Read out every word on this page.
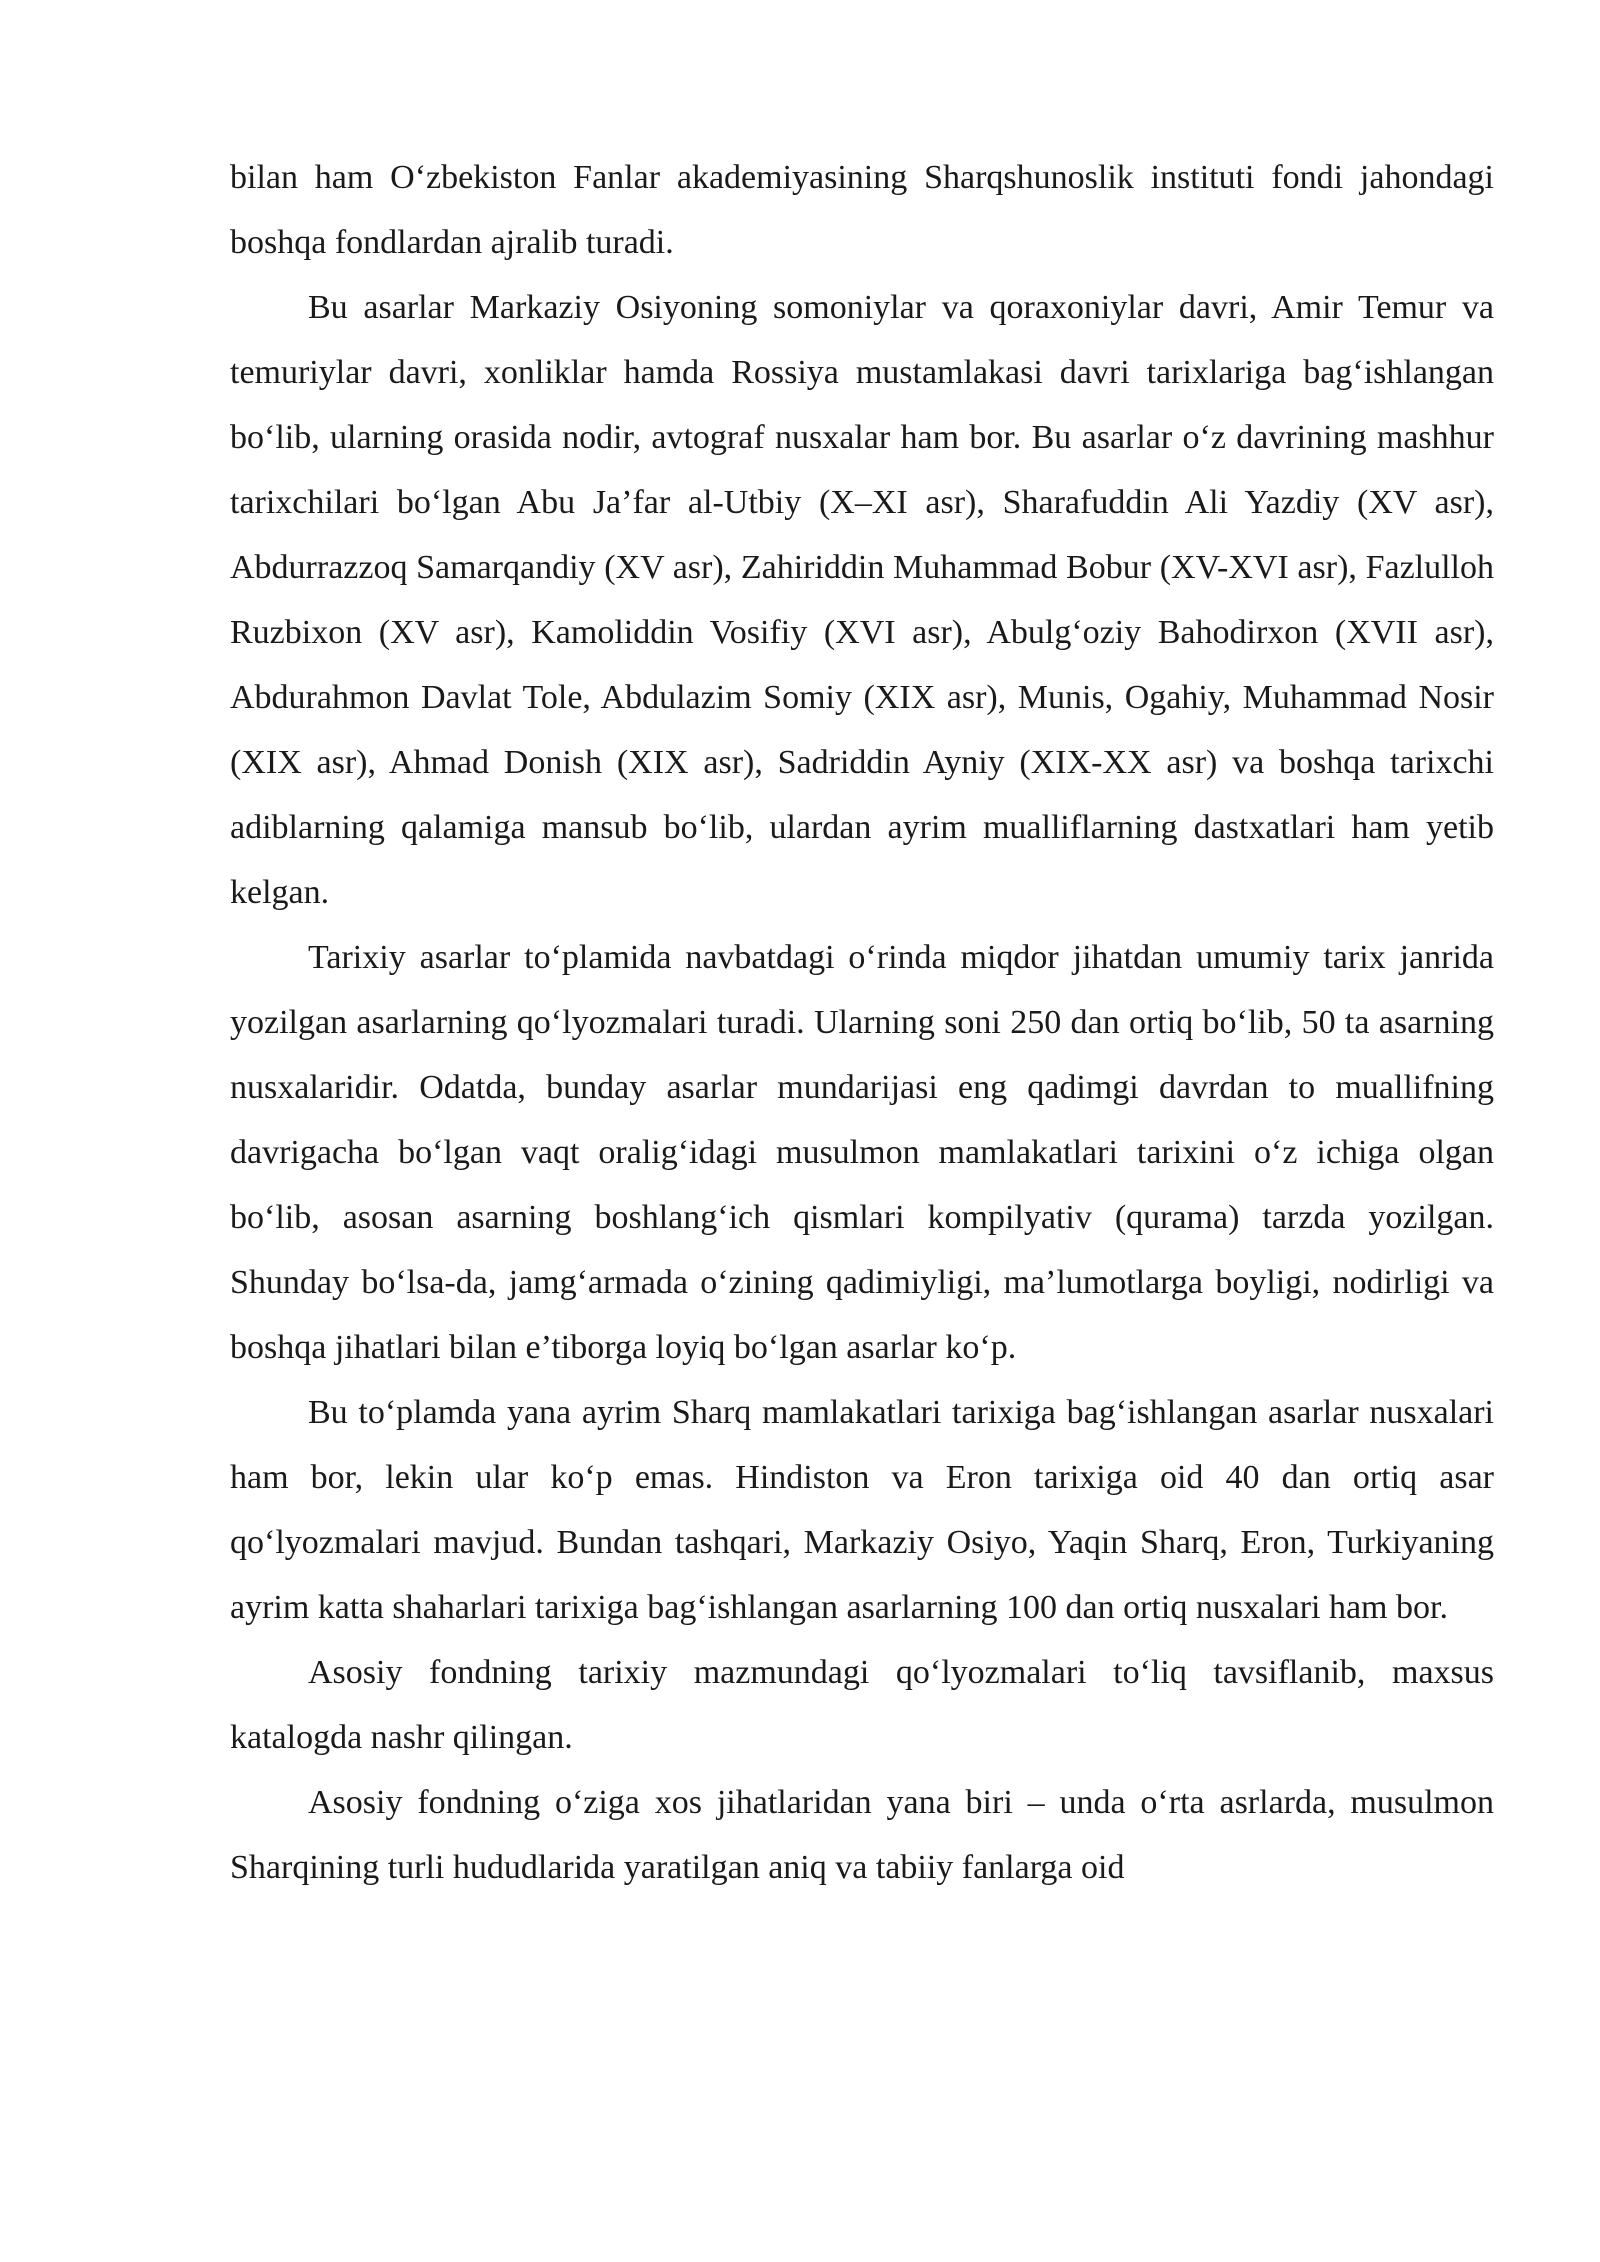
bilan ham O‘zbekiston Fanlar akademiyasining Sharqshunoslik instituti fondi jahondagi boshqa fondlardan ajralib turadi.

Bu asarlar Markaziy Osiyoning somoniylar va qoraxoniylar davri, Amir Temur va temuriylar davri, xonliklar hamda Rossiya mustamlakasi davri tarixlariga bag‘ishlangan bo‘lib, ularning orasida nodir, avtograf nusxalar ham bor. Bu asarlar o‘z davrining mashhur tarixchilari bo‘lgan Abu Ja’far al-Utbiy (X–XI asr), Sharafuddin Ali Yazdiy (XV asr), Abdurrazzoq Samarqandiy (XV asr), Zahiriddin Muhammad Bobur (XV-XVI asr), Fazlulloh Ruzbixon (XV asr), Kamoliddin Vosifiy (XVI asr), Abulg‘oziy Bahodirxon (XVII asr), Abdurahmon Davlat Tole, Abdulazim Somiy (XIX asr), Munis, Ogahiy, Muhammad Nosir (XIX asr), Ahmad Donish (XIX asr), Sadriddin Ayniy (XIX-XX asr) va boshqa tarixchi adiblarning qalamiga mansub bo‘lib, ulardan ayrim mualliflarning dastxatlari ham yetib kelgan.

Tarixiy asarlar to‘plamida navbatdagi o‘rinda miqdor jihatdan umumiy tarix janrida yozilgan asarlarning qo‘lyozmalari turadi. Ularning soni 250 dan ortiq bo‘lib, 50 ta asarning nusxalaridir. Odatda, bunday asarlar mundarijasi eng qadimgi davrdan to muallifning davrigacha bo‘lgan vaqt oralig‘idagi musulmon mamlakatlari tarixini o‘z ichiga olgan bo‘lib, asosan asarning boshlang‘ich qismlari kompilyativ (qurama) tarzda yozilgan. Shunday bo‘lsa-da, jamg‘armada o‘zining qadimiyligi, ma’lumotlarga boyligi, nodirligi va boshqa jihatlari bilan e’tiborga loyiq bo‘lgan asarlar ko‘p.

Bu to‘plamda yana ayrim Sharq mamlakatlari tarixiga bag‘ishlangan asarlar nusxalari ham bor, lekin ular ko‘p emas. Hindiston va Eron tarixiga oid 40 dan ortiq asar qo‘lyozmalari mavjud. Bundan tashqari, Markaziy Osiyo, Yaqin Sharq, Eron, Turkiyaning ayrim katta shaharlari tarixiga bag‘ishlangan asarlarning 100 dan ortiq nusxalari ham bor.

Asosiy fondning tarixiy mazmundagi qo‘lyozmalari to‘liq tavsiflanib, maxsus katalogda nashr qilingan.

Asosiy fondning o‘ziga xos jihatlaridan yana biri – unda o‘rta asrlarda, musulmon Sharqining turli hududlarida yaratilgan aniq va tabiiy fanlarga oid
